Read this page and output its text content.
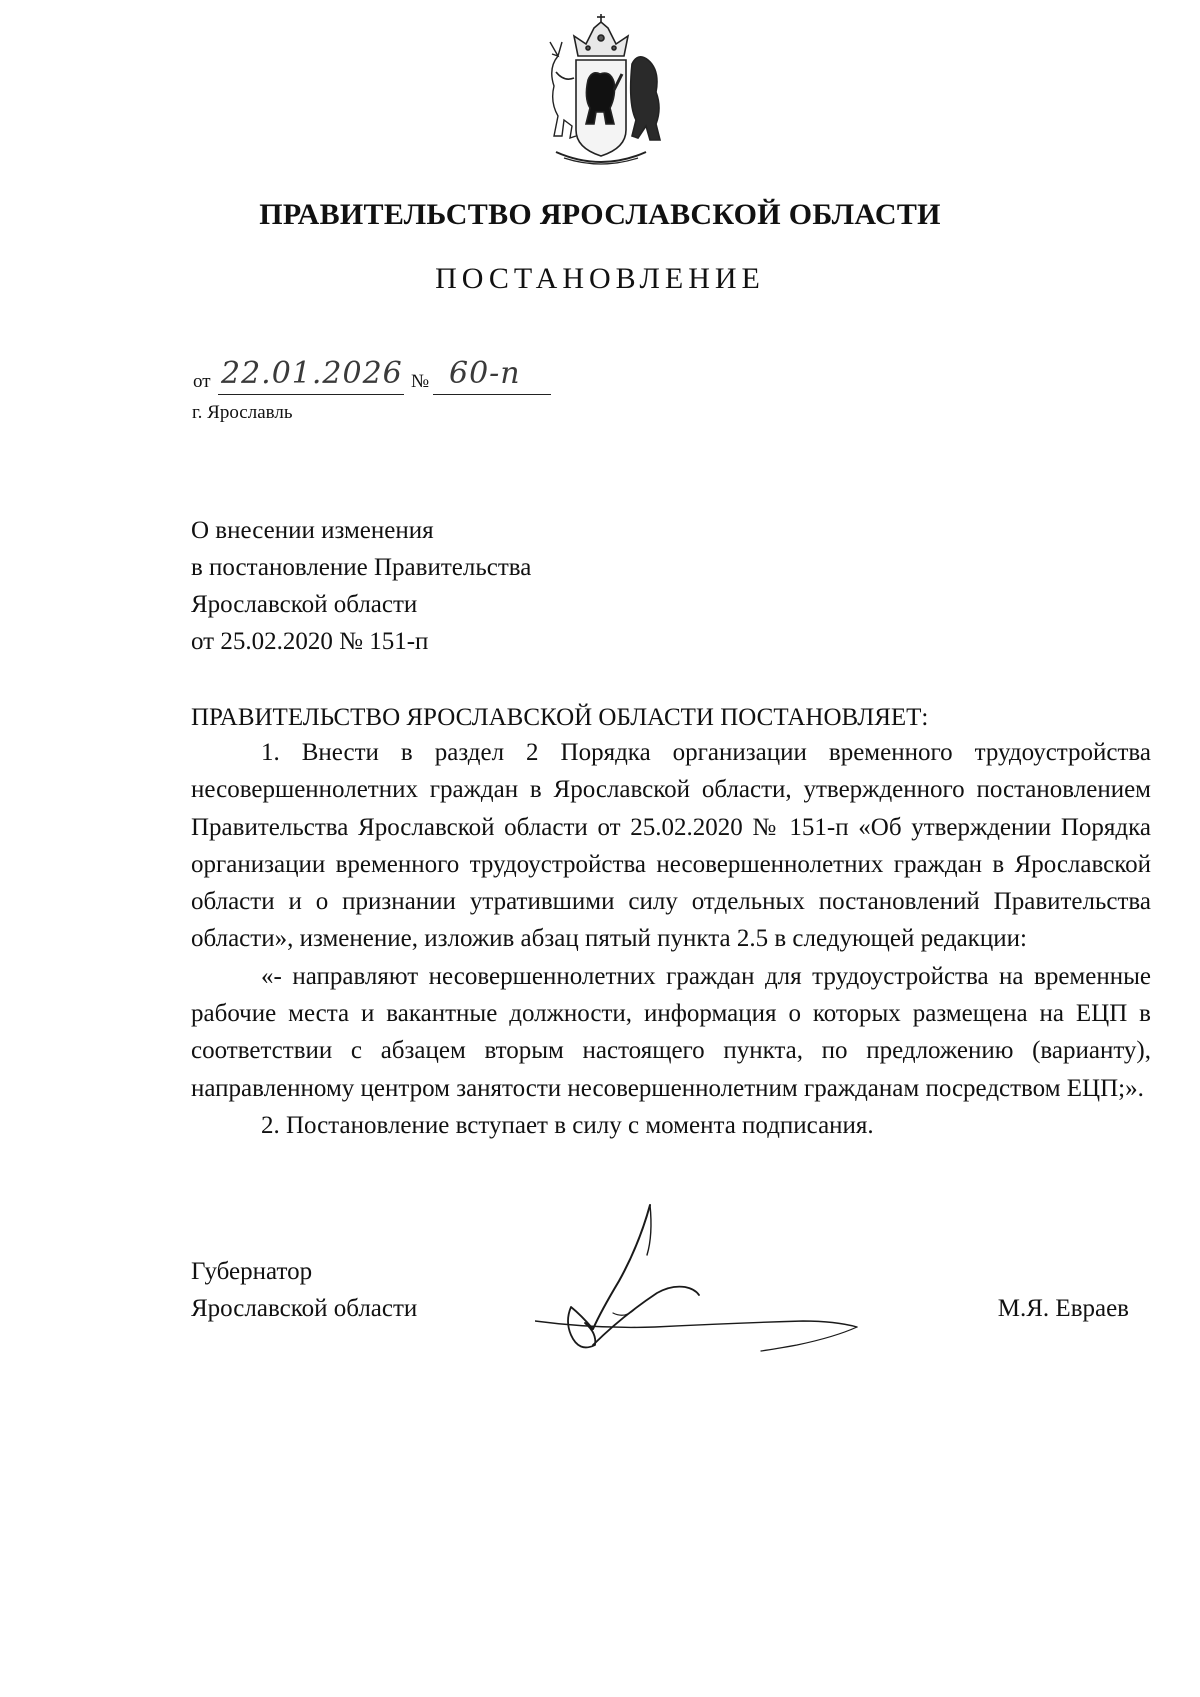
ПРАВИТЕЛЬСТВО ЯРОСЛАВСКОЙ ОБЛАСТИ
ПОСТАНОВЛЕНИЕ
от 22.01.2026 № 60-п
г. Ярославль
О внесении изменения
в постановление Правительства
Ярославской области
от 25.02.2020 № 151-п
ПРАВИТЕЛЬСТВО ЯРОСЛАВСКОЙ ОБЛАСТИ ПОСТАНОВЛЯЕТ:

1. Внести в раздел 2 Порядка организации временного трудоустройства несовершеннолетних граждан в Ярославской области, утвержденного постановлением Правительства Ярославской области от 25.02.2020 № 151-п «Об утверждении Порядка организации временного трудоустройства несовершеннолетних граждан в Ярославской области и о признании утратившими силу отдельных постановлений Правительства области», изменение, изложив абзац пятый пункта 2.5 в следующей редакции:

«- направляют несовершеннолетних граждан для трудоустройства на временные рабочие места и вакантные должности, информация о которых размещена на ЕЦП в соответствии с абзацем вторым настоящего пункта, по предложению (варианту), направленному центром занятости несовершеннолетним гражданам посредством ЕЦП;».

2. Постановление вступает в силу с момента подписания.

Губернатор
Ярославской области	М.Я. Евраев
